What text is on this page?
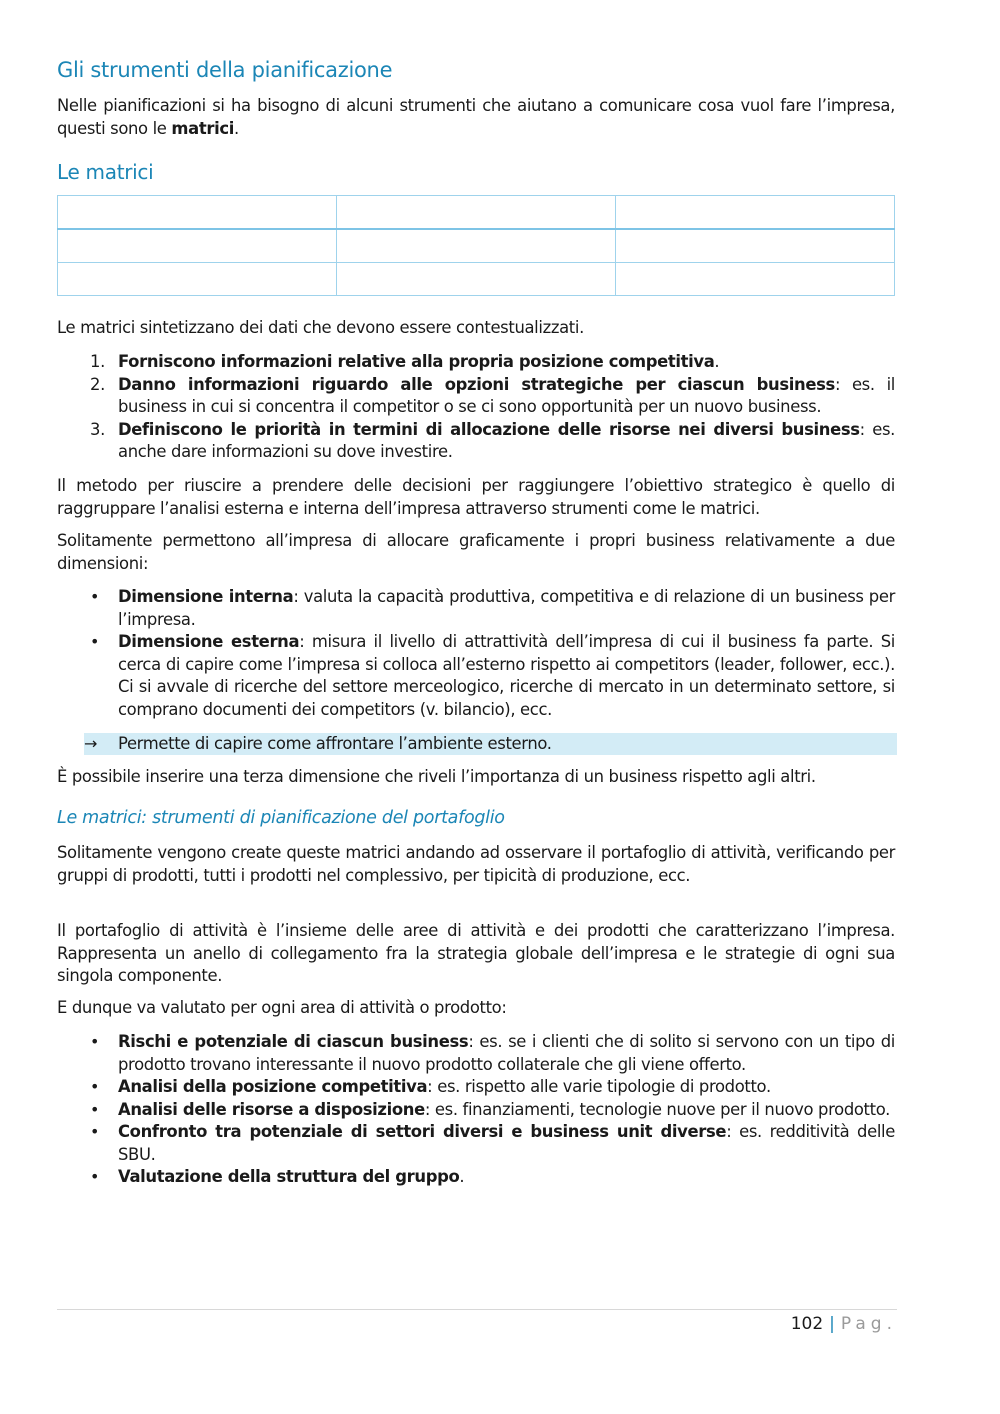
Gli strumenti della pianificazione
Nelle pianificazioni si ha bisogno di alcuni strumenti che aiutano a comunicare cosa vuol fare l’impresa, questi sono le matrici.
Le matrici

Le matrici sintetizzano dei dati che devono essere contestualizzati.
1. Forniscono informazioni relative alla propria posizione competitiva.
2. Danno informazioni riguardo alle opzioni strategiche per ciascun business: es. il business in cui si concentra il competitor o se ci sono opportunità per un nuovo business.
3. Definiscono le priorità in termini di allocazione delle risorse nei diversi business: es. anche dare informazioni su dove investire.
Il metodo per riuscire a prendere delle decisioni per raggiungere l’obiettivo strategico è quello di raggruppare l’analisi esterna e interna dell’impresa attraverso strumenti come le matrici.
Solitamente permettono all’impresa di allocare graficamente i propri business relativamente a due dimensioni:
• Dimensione interna: valuta la capacità produttiva, competitiva e di relazione di un business per l’impresa.
• Dimensione esterna: misura il livello di attrattività dell’impresa di cui il business fa parte. Si cerca di capire come l’impresa si colloca all’esterno rispetto ai competitors (leader, follower, ecc.). Ci si avvale di ricerche del settore merceologico, ricerche di mercato in un determinato settore, si comprano documenti dei competitors (v. bilancio), ecc.
→ Permette di capire come affrontare l’ambiente esterno.
È possibile inserire una terza dimensione che riveli l’importanza di un business rispetto agli altri.
Le matrici: strumenti di pianificazione del portafoglio
Solitamente vengono create queste matrici andando ad osservare il portafoglio di attività, verificando per gruppi di prodotti, tutti i prodotti nel complessivo, per tipicità di produzione, ecc.
Il portafoglio di attività è l’insieme delle aree di attività e dei prodotti che caratterizzano l’impresa. Rappresenta un anello di collegamento fra la strategia globale dell’impresa e le strategie di ogni sua singola componente.
E dunque va valutato per ogni area di attività o prodotto:
• Rischi e potenziale di ciascun business: es. se i clienti che di solito si servono con un tipo di prodotto trovano interessante il nuovo prodotto collaterale che gli viene offerto.
• Analisi della posizione competitiva: es. rispetto alle varie tipologie di prodotto.
• Analisi delle risorse a disposizione: es. finanziamenti, tecnologie nuove per il nuovo prodotto.
• Confronto tra potenziale di settori diversi e business unit diverse: es. redditività delle SBU.
• Valutazione della struttura del gruppo.
102 | Pag.
